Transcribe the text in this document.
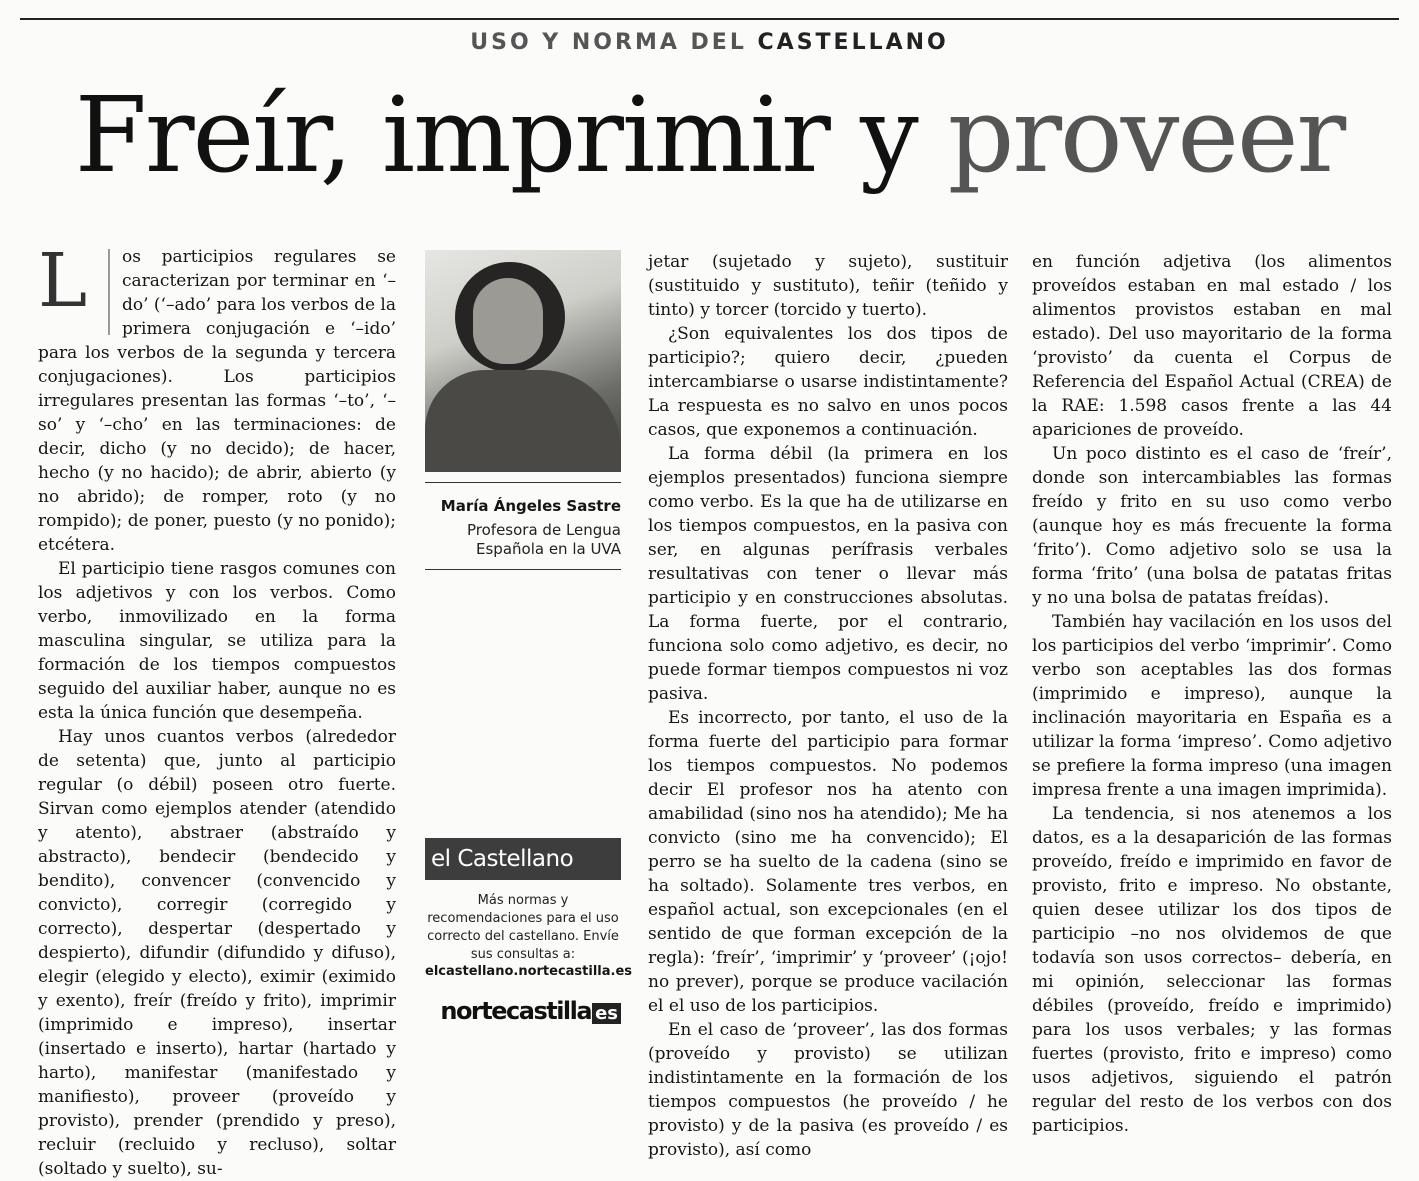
USO Y NORMA DEL CASTELLANO
Freír, imprimir y proveer

L	os participios regulares se caracterizan por terminar en ‘–do’ (‘–ado’ para los verbos de la primera conjugación e ‘–ido’ para los verbos de la segunda y tercera conjugaciones). Los participios irregulares presentan las formas ‘–to’, ‘–so’ y ‘–cho’ en las terminaciones: de decir, dicho (y no decido); de hacer, hecho (y no hacido); de abrir, abierto (y no abrido); de romper, roto (y no rompido); de poner, puesto (y no ponido); etcétera.

El participio tiene rasgos comunes con los adjetivos y con los verbos. Como verbo, inmovilizado en la forma masculina singular, se utiliza para la formación de los tiempos compuestos seguido del auxiliar haber, aunque no es esta la única función que desempeña.

Hay unos cuantos verbos (alrededor de setenta) que, junto al participio regular (o débil) poseen otro fuerte. Sirvan como ejemplos atender (atendido y atento), abstraer (abstraído y abstracto), bendecir (bendecido y bendito), convencer (convencido y convicto), corregir (corregido y correcto), despertar (despertado y despierto), difundir (difundido y difuso), elegir (elegido y electo), eximir (eximido y exento), freír (freído y frito), imprimir (imprimido e impreso), insertar (insertado e inserto), hartar (hartado y harto), manifestar (manifestado y manifiesto), proveer (proveído y provisto), prender (prendido y preso), recluir (recluido y recluso), soltar (soltado y suelto), su-

María Ángeles Sastre
Profesora de Lengua Española en la UVA
el Castellano
Más normas y recomendaciones para el uso correcto del castellano. Envíe sus consultas a:
elcastellano.nortecastilla.es
nortecastilla es

jetar (sujetado y sujeto), sustituir (sustituido y sustituto), teñir (teñido y tinto) y torcer (torcido y tuerto).

¿Son equivalentes los dos tipos de participio?; quiero decir, ¿pueden intercambiarse o usarse indistintamente? La respuesta es no salvo en unos pocos casos, que exponemos a continuación.

La forma débil (la primera en los ejemplos presentados) funciona siempre como verbo. Es la que ha de utilizarse en los tiempos compuestos, en la pasiva con ser, en algunas perífrasis verbales resultativas con tener o llevar más participio y en construcciones absolutas. La forma fuerte, por el contrario, funciona solo como adjetivo, es decir, no puede formar tiempos compuestos ni voz pasiva.

Es incorrecto, por tanto, el uso de la forma fuerte del participio para formar los tiempos compuestos. No podemos decir El profesor nos ha atento con amabilidad (sino nos ha atendido); Me ha convicto (sino me ha convencido); El perro se ha suelto de la cadena (sino se ha soltado). Solamente tres verbos, en español actual, son excepcionales (en el sentido de que forman excepción de la regla): ‘freír’, ‘imprimir’ y ‘proveer’ (¡ojo! no prever), porque se produce vacilación el el uso de los participios.

En el caso de ‘proveer’, las dos formas (proveído y provisto) se utilizan indistintamente en la formación de los tiempos compuestos (he proveído / he provisto) y de la pasiva (es proveído / es provisto), así como

en función adjetiva (los alimentos proveídos estaban en mal estado / los alimentos provistos estaban en mal estado). Del uso mayoritario de la forma ‘provisto’ da cuenta el Corpus de Referencia del Español Actual (CREA) de la RAE: 1.598 casos frente a las 44 apariciones de proveído.

Un poco distinto es el caso de ‘freír’, donde son intercambiables las formas freído y frito en su uso como verbo (aunque hoy es más frecuente la forma ‘frito’). Como adjetivo solo se usa la forma ‘frito’ (una bolsa de patatas fritas y no una bolsa de patatas freídas).

También hay vacilación en los usos del los participios del verbo ‘imprimir’. Como verbo son aceptables las dos formas (imprimido e impreso), aunque la inclinación mayoritaria en España es a utilizar la forma ‘impreso’. Como adjetivo se prefiere la forma impreso (una imagen impresa frente a una imagen imprimida).

La tendencia, si nos atenemos a los datos, es a la desaparición de las formas proveído, freído e imprimido en favor de provisto, frito e impreso. No obstante, quien desee utilizar los dos tipos de participio –no nos olvidemos de que todavía son usos correctos– debería, en mi opinión, seleccionar las formas débiles (proveído, freído e imprimido) para los usos verbales; y las formas fuertes (provisto, frito e impreso) como usos adjetivos, siguiendo el patrón regular del resto de los verbos con dos participios.
